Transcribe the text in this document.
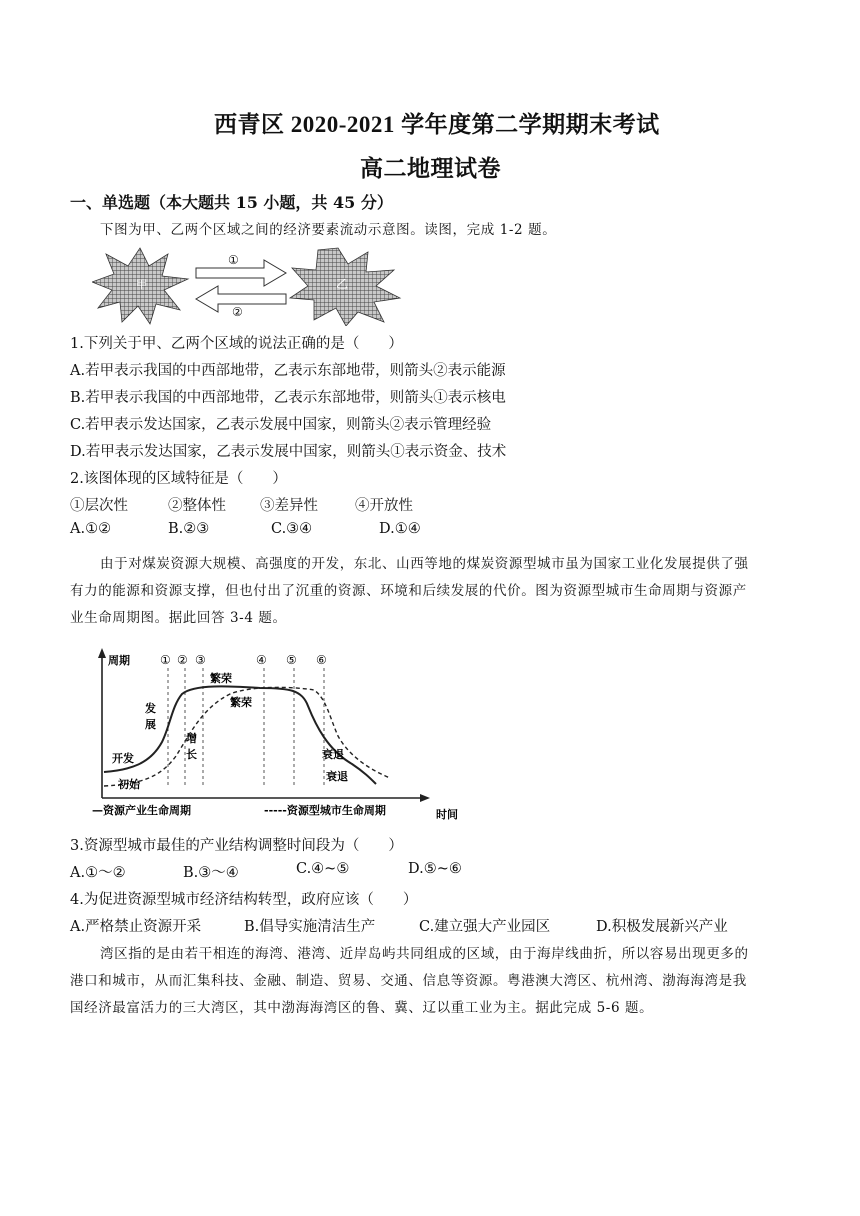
西青区 2020-2021 学年度第二学期期末考试
高二地理试卷
一、单选题（本大题共 15 小题，共 45 分）
下图为甲、乙两个区域之间的经济要素流动示意图。读图，完成 1-2 题。
甲
①
②
乙
1.下列关于甲、乙两个区域的说法正确的是（　　）
A.若甲表示我国的中西部地带，乙表示东部地带，则箭头②表示能源
B.若甲表示我国的中西部地带，乙表示东部地带，则箭头①表示核电
C.若甲表示发达国家，乙表示发展中国家，则箭头②表示管理经验
D.若甲表示发达国家，乙表示发展中国家，则箭头①表示资金、技术
2.该图体现的区域特征是（　　）
①层次性	②整体性 ③差异性	④开放性
A.①②	B.②③	C.③④	D.①④
由于对煤炭资源大规模、高强度的开发，东北、山西等地的煤炭资源型城市虽为国家工业化发展提供了强
有力的能源和资源支撑，但也付出了沉重的资源、环境和后续发展的代价。图为资源型城市生命周期与资源产
业生命周期图。据此回答 3-4 题。
周期	① ② ③	④ ⑤ ⑥
开发
初始
发
展
增
长
繁荣
繁荣
衰退
衰退
—资源产业生命周期	-----资源型城市生命周期	时间
3.资源型城市最佳的产业结构调整时间段为（　　）
A.①～②	B.③～④	C.④~⑤	D.⑤~⑥
4.为促进资源型城市经济结构转型，政府应该（　　）
A.严格禁止资源开采	B.倡导实施清洁生产	C.建立强大产业园区	D.积极发展新兴产业
湾区指的是由若干相连的海湾、港湾、近岸岛屿共同组成的区域，由于海岸线曲折，所以容易出现更多的
港口和城市，从而汇集科技、金融、制造、贸易、交通、信息等资源。粤港澳大湾区、杭州湾、渤海海湾是我
国经济最富活力的三大湾区，其中渤海海湾区的鲁、冀、辽以重工业为主。据此完成 5-6 题。
